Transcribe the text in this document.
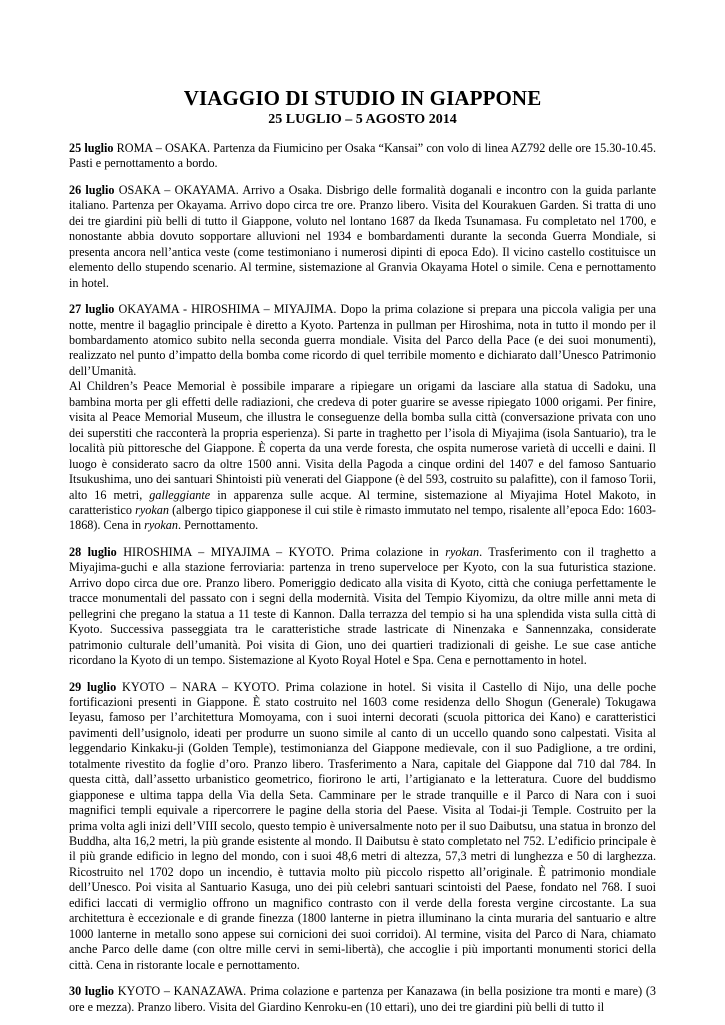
VIAGGIO DI STUDIO IN GIAPPONE
25 LUGLIO – 5 AGOSTO 2014

25 luglio ROMA – OSAKA. Partenza da Fiumicino per Osaka “Kansai” con volo di linea AZ792 delle ore 15.30-10.45. Pasti e pernottamento a bordo.

26 luglio OSAKA – OKAYAMA. Arrivo a Osaka. Disbrigo delle formalità doganali e incontro con la guida parlante italiano. Partenza per Okayama. Arrivo dopo circa tre ore. Pranzo libero. Visita del Kourakuen Garden. Si tratta di uno dei tre giardini più belli di tutto il Giappone, voluto nel lontano 1687 da Ikeda Tsunamasa. Fu completato nel 1700, e nonostante abbia dovuto sopportare alluvioni nel 1934 e bombardamenti durante la seconda Guerra Mondiale, si presenta ancora nell’antica veste (come testimoniano i numerosi dipinti di epoca Edo). Il vicino castello costituisce un elemento dello stupendo scenario. Al termine, sistemazione al Granvia Okayama Hotel o simile. Cena e pernottamento in hotel.

27 luglio OKAYAMA - HIROSHIMA – MIYAJIMA. Dopo la prima colazione si prepara una piccola valigia per una notte, mentre il bagaglio principale è diretto a Kyoto. Partenza in pullman per Hiroshima, nota in tutto il mondo per il bombardamento atomico subito nella seconda guerra mondiale. Visita del Parco della Pace (e dei suoi monumenti), realizzato nel punto d’impatto della bomba come ricordo di quel terribile momento e dichiarato dall’Unesco Patrimonio dell’Umanità.

Al Children’s Peace Memorial è possibile imparare a ripiegare un origami da lasciare alla statua di Sadoku, una bambina morta per gli effetti delle radiazioni, che credeva di poter guarire se avesse ripiegato 1000 origami. Per finire, visita al Peace Memorial Museum, che illustra le conseguenze della bomba sulla città (conversazione privata con uno dei superstiti che racconterà la propria esperienza). Si parte in traghetto per l’isola di Miyajima (isola Santuario), tra le località più pittoresche del Giappone. È coperta da una verde foresta, che ospita numerose varietà di uccelli e daini. Il luogo è considerato sacro da oltre 1500 anni. Visita della Pagoda a cinque ordini del 1407 e del famoso Santuario Itsukushima, uno dei santuari Shintoisti più venerati del Giappone (è del 593, costruito su palafitte), con il famoso Torii, alto 16 metri, galleggiante in apparenza sulle acque. Al termine, sistemazione al Miyajima Hotel Makoto, in caratteristico ryokan (albergo tipico giapponese il cui stile è rimasto immutato nel tempo, risalente all’epoca Edo: 1603-1868). Cena in ryokan. Pernottamento.

28 luglio HIROSHIMA – MIYAJIMA – KYOTO. Prima colazione in ryokan. Trasferimento con il traghetto a Miyajima-guchi e alla stazione ferroviaria: partenza in treno superveloce per Kyoto, con la sua futuristica stazione. Arrivo dopo circa due ore. Pranzo libero. Pomeriggio dedicato alla visita di Kyoto, città che coniuga perfettamente le tracce monumentali del passato con i segni della modernità. Visita del Tempio Kiyomizu, da oltre mille anni meta di pellegrini che pregano la statua a 11 teste di Kannon. Dalla terrazza del tempio si ha una splendida vista sulla città di Kyoto. Successiva passeggiata tra le caratteristiche strade lastricate di Ninenzaka e Sannennzaka, considerate patrimonio culturale dell’umanità. Poi visita di Gion, uno dei quartieri tradizionali di geishe. Le sue case antiche ricordano la Kyoto di un tempo. Sistemazione al Kyoto Royal Hotel e Spa. Cena e pernottamento in hotel.

29 luglio KYOTO – NARA – KYOTO. Prima colazione in hotel. Si visita il Castello di Nijo, una delle poche fortificazioni presenti in Giappone. È stato costruito nel 1603 come residenza dello Shogun (Generale) Tokugawa Ieyasu, famoso per l’architettura Momoyama, con i suoi interni decorati (scuola pittorica dei Kano) e caratteristici pavimenti dell’usignolo, ideati per produrre un suono simile al canto di un uccello quando sono calpestati. Visita al leggendario Kinkaku-ji (Golden Temple), testimonianza del Giappone medievale, con il suo Padiglione, a tre ordini, totalmente rivestito da foglie d’oro. Pranzo libero. Trasferimento a Nara, capitale del Giappone dal 710 dal 784. In questa città, dall’assetto urbanistico geometrico, fiorirono le arti, l’artigianato e la letteratura. Cuore del buddismo giapponese e ultima tappa della Via della Seta. Camminare per le strade tranquille e il Parco di Nara con i suoi magnifici templi equivale a ripercorrere le pagine della storia del Paese. Visita al Todai-ji Temple. Costruito per la prima volta agli inizi dell’VIII secolo, questo tempio è universalmente noto per il suo Daibutsu, una statua in bronzo del Buddha, alta 16,2 metri, la più grande esistente al mondo. Il Daibutsu è stato completato nel 752. L’edificio principale è il più grande edificio in legno del mondo, con i suoi 48,6 metri di altezza, 57,3 metri di lunghezza e 50 di larghezza. Ricostruito nel 1702 dopo un incendio, è tuttavia molto più piccolo rispetto all’originale. È patrimonio mondiale dell’Unesco. Poi visita al Santuario Kasuga, uno dei più celebri santuari scintoisti del Paese, fondato nel 768. I suoi edifici laccati di vermiglio offrono un magnifico contrasto con il verde della foresta vergine circostante. La sua architettura è eccezionale e di grande finezza (1800 lanterne in pietra illuminano la cinta muraria del santuario e altre 1000 lanterne in metallo sono appese sui cornicioni dei suoi corridoi). Al termine, visita del Parco di Nara, chiamato anche Parco delle dame (con oltre mille cervi in semi-libertà), che accoglie i più importanti monumenti storici della città. Cena in ristorante locale e pernottamento.

30 luglio KYOTO – KANAZAWA. Prima colazione e partenza per Kanazawa (in bella posizione tra monti e mare) (3 ore e mezza). Pranzo libero. Visita del Giardino Kenroku-en (10 ettari), uno dei tre giardini più belli di tutto il
